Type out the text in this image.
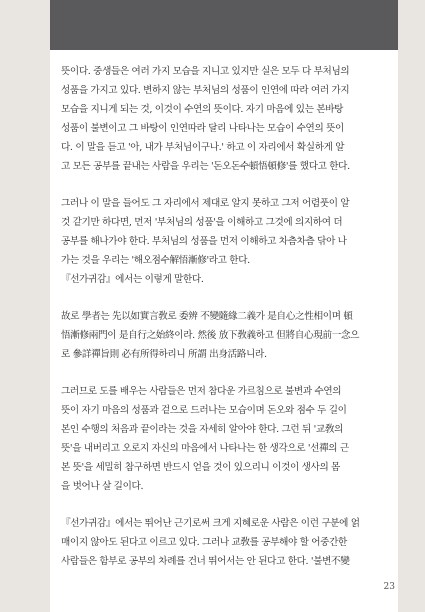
뜻이다. 중생들은 여러 가지 모습을 지니고 있지만 실은 모두 다 부처님의
성품을 가지고 있다. 변하지 않는 부처님의 성품이 인연에 따라 여러 가지
모습을 지니게 되는 것, 이것이 수연의 뜻이다. 자기 마음에 있는 본바탕
성품이 불변이고 그 바탕이 인연따라 달리 나타나는 모습이 수연의 뜻이
다. 이 말을 듣고 '아, 내가 부처님이구나.' 하고 이 자리에서 확실하게 알
고 모든 공부를 끝내는 사람을 우리는 '돈오돈수頓悟頓修'를 했다고 한다.

그러나 이 말을 들어도 그 자리에서 제대로 알지 못하고 그저 어렴풋이 알
것 같기만 하다면, 먼저 '부처님의 성품'을 이해하고 그것에 의지하여 더
공부를 해나가야 한다. 부처님의 성품을 먼저 이해하고 차츰차츰 닦아 나
가는 것을 우리는 '해오점수解悟漸修'라고 한다.
『선가귀감』에서는 이렇게 말한다.

故로 學者는 先以如實言敎로 委辨 不變隨緣二義가 是自心之性相이며 頓
悟漸修兩門이 是自行之始終이라. 然後 放下敎義하고 但將自心現前一念으
로 參詳禪旨則 必有所得하리니 所謂 出身活路니라.

그러므로 도를 배우는 사람들은 먼저 참다운 가르침으로 불변과 수연의
뜻이 자기 마음의 성품과 겉으로 드러나는 모습이며 돈오와 점수 두 길이
본인 수행의 처음과 끝이라는 것을 자세히 알아야 한다. 그런 뒤 '교敎의
뜻'을 내버리고 오로지 자신의 마음에서 나타나는 한 생각으로 '선禪의 근
본 뜻'을 세밀히 참구하면 반드시 얻을 것이 있으리니 이것이 생사의 몸
을 벗어나 살 길이다.

『선가귀감』에서는 뛰어난 근기로써 크게 지혜로운 사람은 이런 구분에 얽
매이지 않아도 된다고 이르고 있다. 그러나 교敎를 공부해야 할 어중간한
사람들은 함부로 공부의 차례를 건너 뛰어서는 안 된다고 한다. '불변不變

23
